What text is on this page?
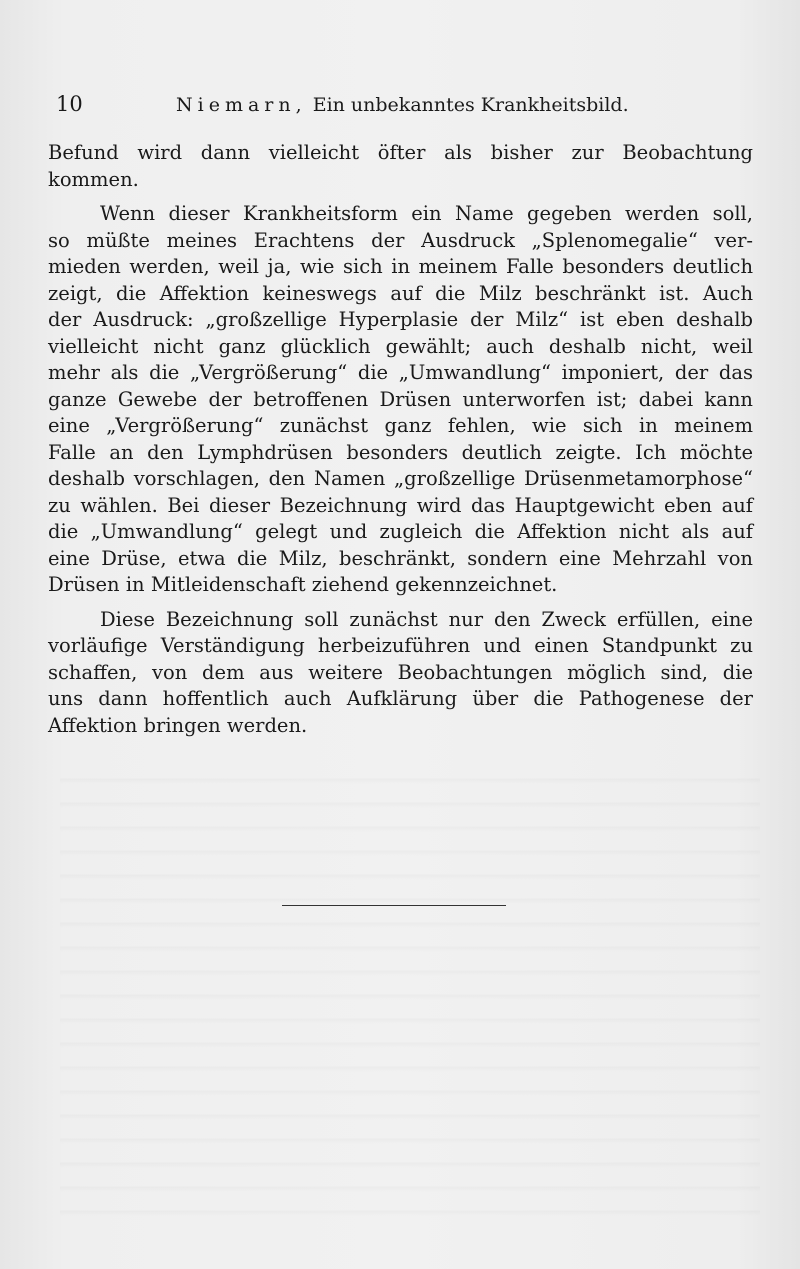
10	Niemarn, Ein unbekanntes Krankheitsbild.
Befund wird dann vielleicht öfter als bisher zur Beobachtung
kommen.
Wenn dieser Krankheitsform ein Name gegeben werden soll,
so müßte meines Erachtens der Ausdruck „Splenomegalie“ ver-
mieden werden, weil ja, wie sich in meinem Falle besonders deutlich
zeigt, die Affektion keineswegs auf die Milz beschränkt ist. Auch
der Ausdruck: „großzellige Hyperplasie der Milz“ ist eben deshalb
vielleicht nicht ganz glücklich gewählt; auch deshalb nicht, weil
mehr als die „Vergrößerung“ die „Umwandlung“ imponiert, der das
ganze Gewebe der betroffenen Drüsen unterworfen ist; dabei kann
eine „Vergrößerung“ zunächst ganz fehlen, wie sich in meinem
Falle an den Lymphdrüsen besonders deutlich zeigte. Ich möchte
deshalb vorschlagen, den Namen „großzellige Drüsenmetamorphose“
zu wählen. Bei dieser Bezeichnung wird das Hauptgewicht eben auf
die „Umwandlung“ gelegt und zugleich die Affektion nicht als auf
eine Drüse, etwa die Milz, beschränkt, sondern eine Mehrzahl von
Drüsen in Mitleidenschaft ziehend gekennzeichnet.
Diese Bezeichnung soll zunächst nur den Zweck erfüllen, eine
vorläufige Verständigung herbeizuführen und einen Standpunkt zu
schaffen, von dem aus weitere Beobachtungen möglich sind, die
uns dann hoffentlich auch Aufklärung über die Pathogenese der
Affektion bringen werden.
